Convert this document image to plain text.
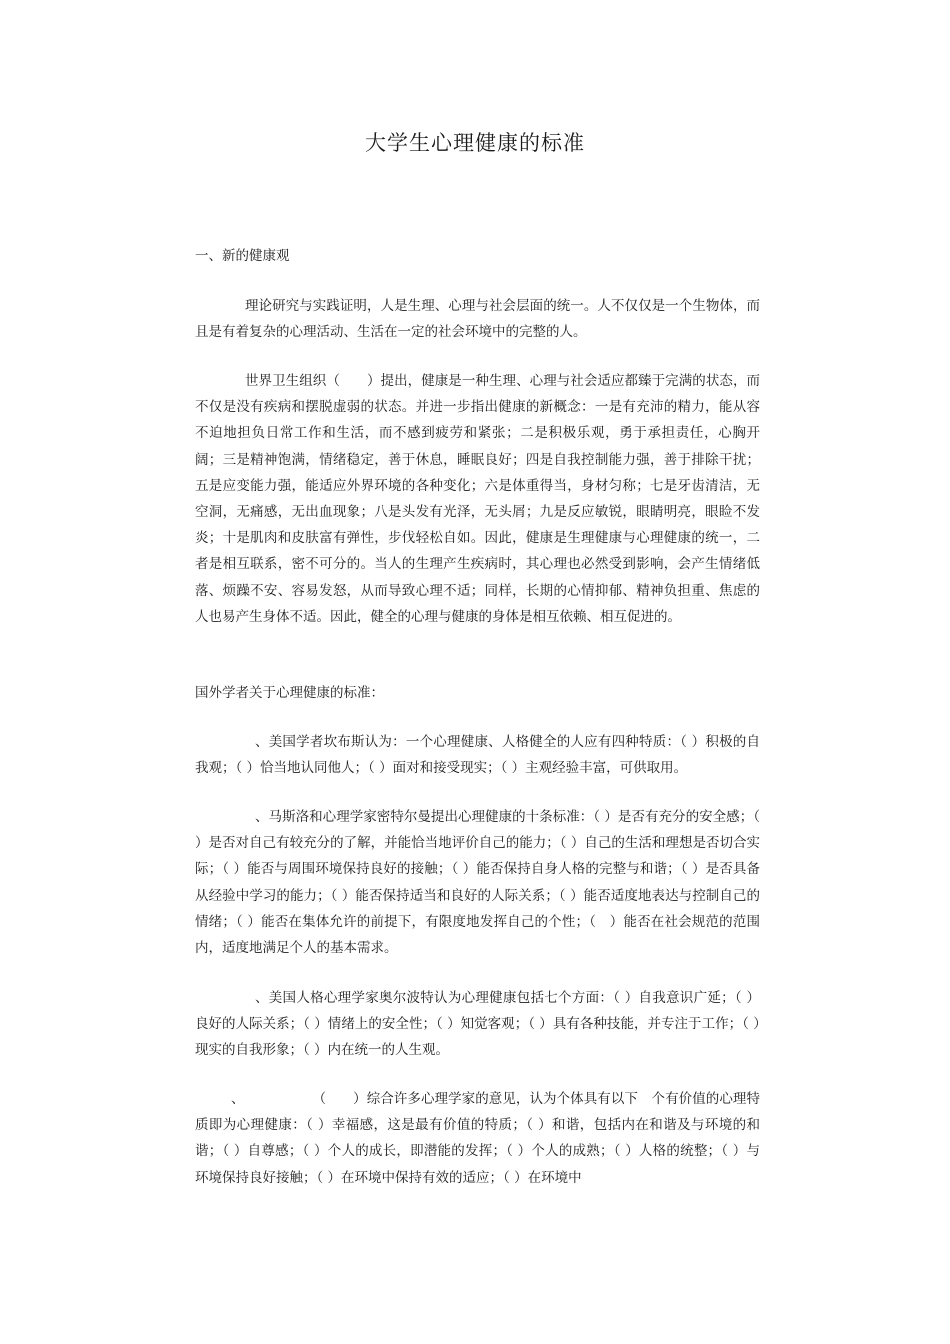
大学生心理健康的标准
一、新的健康观
理论研究与实践证明，人是生理、心理与社会层面的统一。人不仅仅是一个生物体，而且是有着复杂的心理活动、生活在一定的社会环境中的完整的人。
世界卫生组织（　　）提出，健康是一种生理、心理与社会适应都臻于完满的状态，而不仅是没有疾病和摆脱虚弱的状态。并进一步指出健康的新概念：一是有充沛的精力，能从容不迫地担负日常工作和生活，而不感到疲劳和紧张；二是积极乐观，勇于承担责任，心胸开阔；三是精神饱满，情绪稳定，善于休息，睡眠良好；四是自我控制能力强，善于排除干扰；五是应变能力强，能适应外界环境的各种变化；六是体重得当，身材匀称；七是牙齿清洁，无空洞，无痛感，无出血现象；八是头发有光泽，无头屑；九是反应敏锐，眼睛明亮，眼睑不发炎；十是肌肉和皮肤富有弹性，步伐轻松自如。因此，健康是生理健康与心理健康的统一，二者是相互联系，密不可分的。当人的生理产生疾病时，其心理也必然受到影响，会产生情绪低落、烦躁不安、容易发怒，从而导致心理不适；同样，长期的心情抑郁、精神负担重、焦虑的人也易产生身体不适。因此，健全的心理与健康的身体是相互依赖、相互促进的。
国外学者关于心理健康的标准：
、美国学者坎布斯认为：一个心理健康、人格健全的人应有四种特质：（ ）积极的自我观；（ ）恰当地认同他人；（ ）面对和接受现实；（ ）主观经验丰富，可供取用。
、马斯洛和心理学家密特尔曼提出心理健康的十条标准：（ ）是否有充分的安全感；（ ）是否对自己有较充分的了解，并能恰当地评价自己的能力；（ ）自己的生活和理想是否切合实际；（ ）能否与周围环境保持良好的接触；（ ）能否保持自身人格的完整与和谐；（ ）是否具备从经验中学习的能力；（ ）能否保持适当和良好的人际关系；（ ）能否适度地表达与控制自己的情绪；（ ）能否在集体允许的前提下，有限度地发挥自己的个性；（　）能否在社会规范的范围内，适度地满足个人的基本需求。
、美国人格心理学家奥尔波特认为心理健康包括七个方面：（ ）自我意识广延；（ ）良好的人际关系；（ ）情绪上的安全性；（ ）知觉客观；（ ）具有各种技能，并专注于工作；（ ）现实的自我形象；（ ）内在统一的人生观。
、　　　　　　（　　）综合许多心理学家的意见，认为个体具有以下　个有价值的心理特质即为心理健康：（ ）幸福感，这是最有价值的特质；（ ）和谐，包括内在和谐及与环境的和谐；（ ）自尊感；（ ）个人的成长，即潜能的发挥；（ ）个人的成熟；（ ）人格的统整；（ ）与环境保持良好接触；（ ）在环境中保持有效的适应；（ ）在环境中
